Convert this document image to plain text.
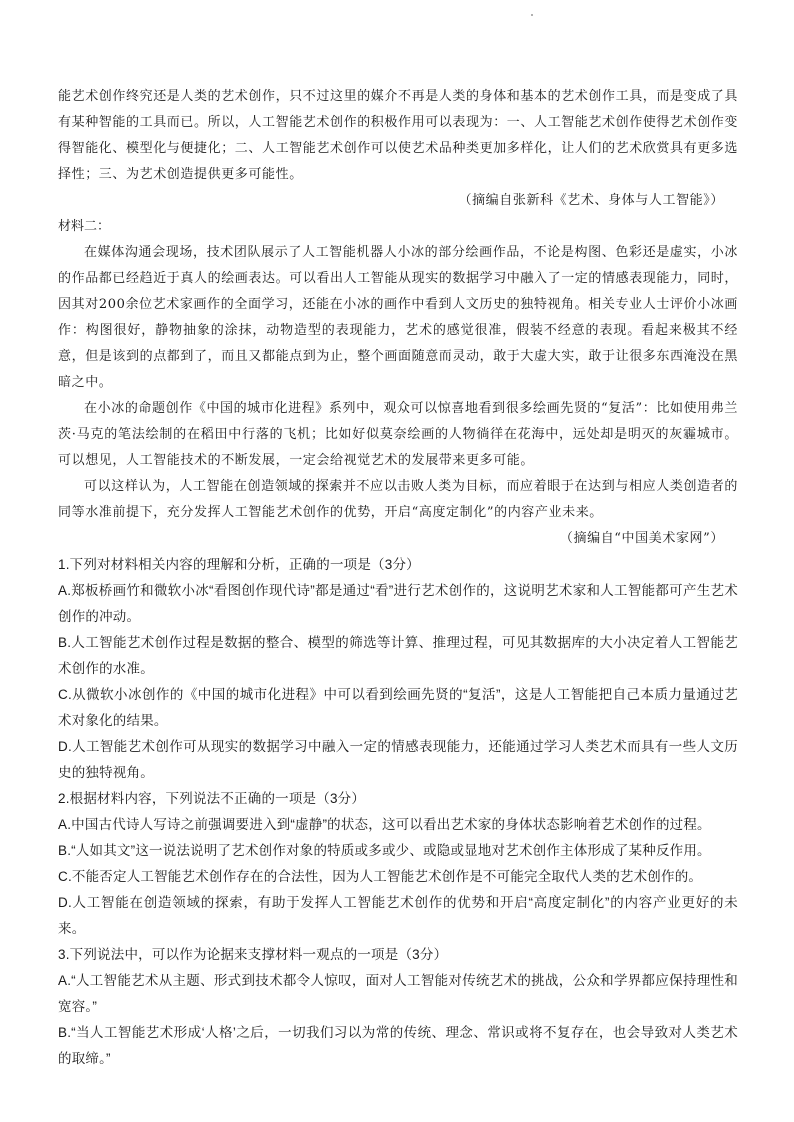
能艺术创作终究还是人类的艺术创作，只不过这里的媒介不再是人类的身体和基本的艺术创作工具，而是变成了具有某种智能的工具而已。所以，人工智能艺术创作的积极作用可以表现为：一、人工智能艺术创作使得艺术创作变得智能化、模型化与便捷化；二、人工智能艺术创作可以使艺术品种类更加多样化，让人们的艺术欣赏具有更多选择性；三、为艺术创造提供更多可能性。

（摘编自张新科《艺术、身体与人工智能》）

材料二：

在媒体沟通会现场，技术团队展示了人工智能机器人小冰的部分绘画作品，不论是构图、色彩还是虚实，小冰的作品都已经趋近于真人的绘画表达。可以看出人工智能从现实的数据学习中融入了一定的情感表现能力，同时，因其对200余位艺术家画作的全面学习，还能在小冰的画作中看到人文历史的独特视角。相关专业人士评价小冰画作：构图很好，静物抽象的涂抹，动物造型的表现能力，艺术的感觉很准，假装不经意的表现。看起来极其不经意，但是该到的点都到了，而且又都能点到为止，整个画面随意而灵动，敢于大虚大实，敢于让很多东西淹没在黑暗之中。

在小冰的命题创作《中国的城市化进程》系列中，观众可以惊喜地看到很多绘画先贤的“复活”：比如使用弗兰茨·马克的笔法绘制的在稻田中行落的飞机；比如好似莫奈绘画的人物徜徉在花海中，远处却是明灭的灰霾城市。可以想见，人工智能技术的不断发展，一定会给视觉艺术的发展带来更多可能。

可以这样认为，人工智能在创造领域的探索并不应以击败人类为目标，而应着眼于在达到与相应人类创造者的同等水准前提下，充分发挥人工智能艺术创作的优势，开启“高度定制化”的内容产业未来。

（摘编自“中国美术家网”）

1.下列对材料相关内容的理解和分析，正确的一项是（3分）

A.郑板桥画竹和微软小冰“看图创作现代诗”都是通过“看”进行艺术创作的，这说明艺术家和人工智能都可产生艺术创作的冲动。

B.人工智能艺术创作过程是数据的整合、模型的筛选等计算、推理过程，可见其数据库的大小决定着人工智能艺术创作的水准。

C.从微软小冰创作的《中国的城市化进程》中可以看到绘画先贤的“复活”，这是人工智能把自己本质力量通过艺术对象化的结果。

D.人工智能艺术创作可从现实的数据学习中融入一定的情感表现能力，还能通过学习人类艺术而具有一些人文历史的独特视角。

2.根据材料内容，下列说法不正确的一项是（3分）

A.中国古代诗人写诗之前强调要进入到“虚静”的状态，这可以看出艺术家的身体状态影响着艺术创作的过程。

B.“人如其文”这一说法说明了艺术创作对象的特质或多或少、或隐或显地对艺术创作主体形成了某种反作用。

C.不能否定人工智能艺术创作存在的合法性，因为人工智能艺术创作是不可能完全取代人类的艺术创作的。

D.人工智能在创造领域的探索，有助于发挥人工智能艺术创作的优势和开启“高度定制化”的内容产业更好的未来。

3.下列说法中，可以作为论据来支撑材料一观点的一项是（3分）

A.“人工智能艺术从主题、形式到技术都令人惊叹，面对人工智能对传统艺术的挑战，公众和学界都应保持理性和宽容。”

B.“当人工智能艺术形成‘人格’之后，一切我们习以为常的传统、理念、常识或将不复存在，也会导致对人类艺术的取缔。”
